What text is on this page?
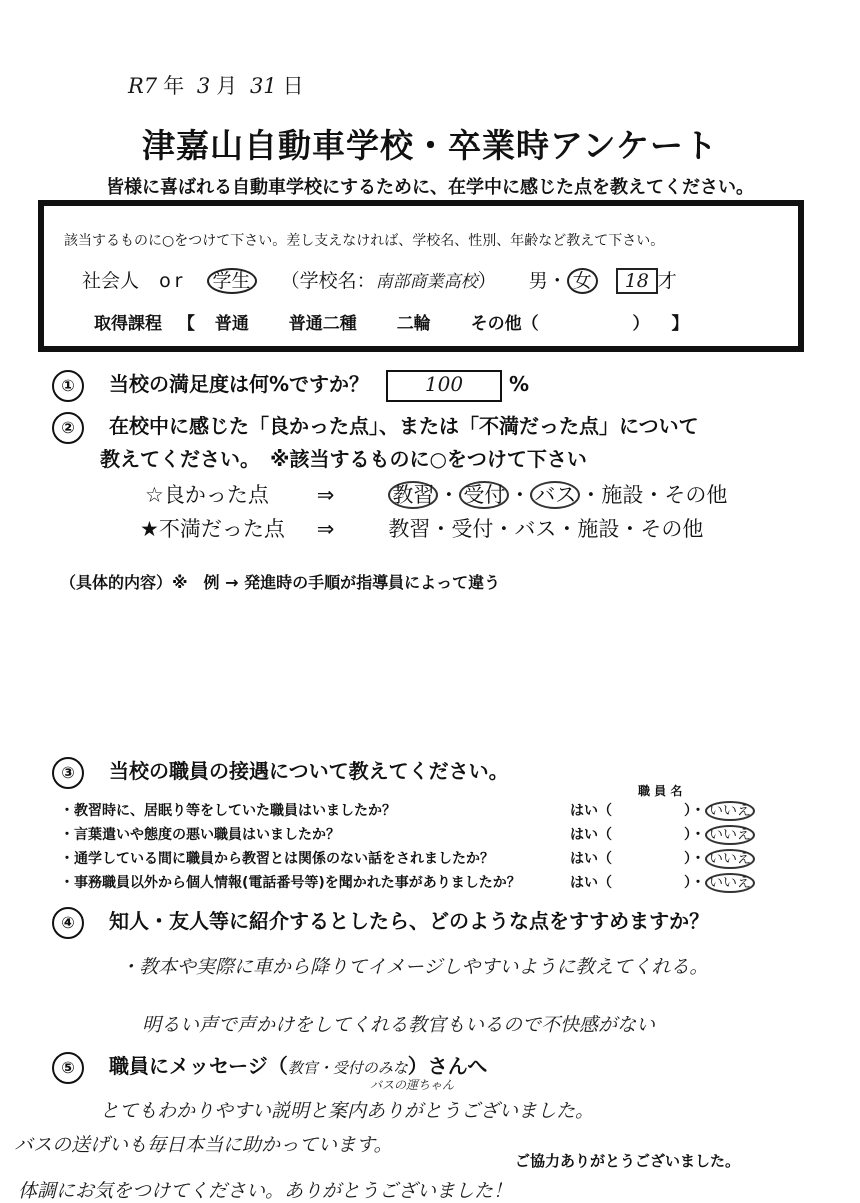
R7 年 3 月 31 日
津嘉山自動車学校・卒業時アンケート
皆様に喜ばれる自動車学校にするために、在学中に感じた点を教えてください。
該当するものに○をつけて下さい。差し支えなければ、学校名、性別、年齢など教えて下さい。
社会人 or 学生 （学校名：南部商業高校） 男・ 女 18 才
取得課程 【 普通 普通二種 二輪 その他（	） 】
① 当校の満足度は何%ですか？	100 %
② 在校中に感じた「良かった点」、または「不満だった点」について
教えてください。　※該当するものに○をつけて下さい
☆良かった点 ⇒	教習 ・ 受付 ・ バス ・施設・その他
★不満だった点 ⇒	教習・受付・バス・施設・その他
（具体的内容）※　例 → 発進時の手順が指導員によって違う
③ 当校の職員の接遇について教えてください。
職 員 名
・教習時に、居眠り等をしていた職員はいましたか？	はい（	）・ いいえ
・言葉遣いや態度の悪い職員はいましたか？	はい（	）・ いいえ
・通学している間に職員から教習とは関係のない話をされましたか？	はい（	）・ いいえ
・事務職員以外から個人情報(電話番号等)を聞かれた事がありましたか？	はい（	）・ いいえ
④ 知人・友人等に紹介するとしたら、どのような点をすすめますか？
・教本や実際に車から降りてイメージしやすいように教えてくれる。
明るい声で声かけをしてくれる教官もいるので不快感がない
⑤ 職員にメッセージ（教官・受付のみな）さんへ
バスの運ちゃん
とてもわかりやすい説明と案内ありがとうございました。
バスの送げいも毎日本当に助かっています。
ご協力ありがとうございました。
体調にお気をつけてください。ありがとうございました！
